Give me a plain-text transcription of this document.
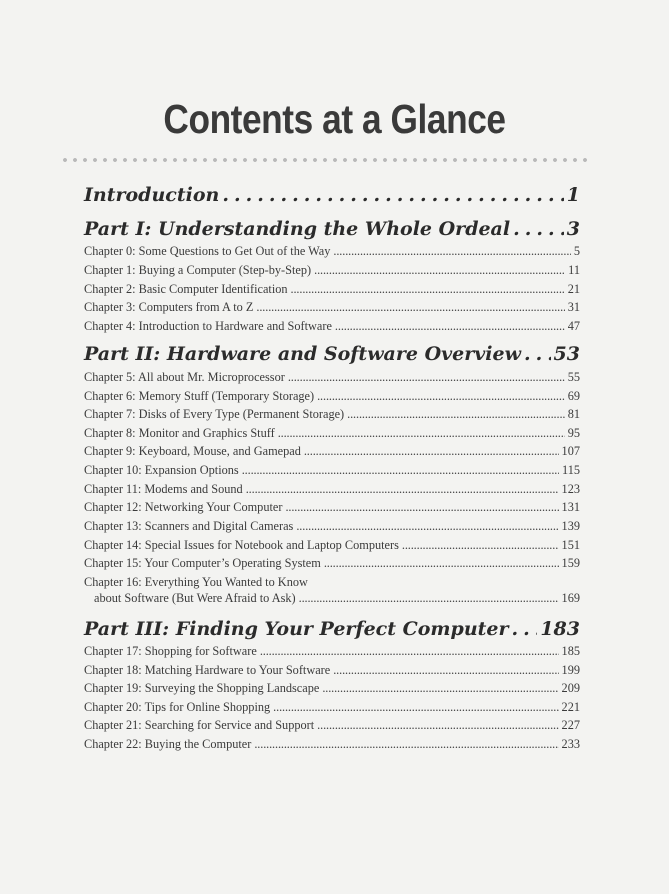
Contents at a Glance
Introduction . . .	1
Part I: Understanding the Whole Ordeal . . .	3
Chapter 0: Some Questions to Get Out of the Way . . .	5
Chapter 1: Buying a Computer (Step-by-Step) . . .	11
Chapter 2: Basic Computer Identification . . .	21
Chapter 3: Computers from A to Z . . .	31
Chapter 4: Introduction to Hardware and Software . . .	47
Part II: Hardware and Software Overview . . . 53
Chapter 5: All about Mr. Microprocessor . . .	55
Chapter 6: Memory Stuff (Temporary Storage) . . .	69
Chapter 7: Disks of Every Type (Permanent Storage) . . .	81
Chapter 8: Monitor and Graphics Stuff . . .	95
Chapter 9: Keyboard, Mouse, and Gamepad . . .	107
Chapter 10: Expansion Options . . .	115
Chapter 11: Modems and Sound . . .	123
Chapter 12: Networking Your Computer . . .	131
Chapter 13: Scanners and Digital Cameras . . .	139
Chapter 14: Special Issues for Notebook and Laptop Computers . . .	151
Chapter 15: Your Computer’s Operating System . . .	159
Chapter 16: Everything You Wanted to Know
about Software (But Were Afraid to Ask) . . .	169
Part III: Finding Your Perfect Computer . . . 183
Chapter 17: Shopping for Software . . .	185
Chapter 18: Matching Hardware to Your Software . . .	199
Chapter 19: Surveying the Shopping Landscape . . .	209
Chapter 20: Tips for Online Shopping . . .	221
Chapter 21: Searching for Service and Support . . .	227
Chapter 22: Buying the Computer . . .	233
